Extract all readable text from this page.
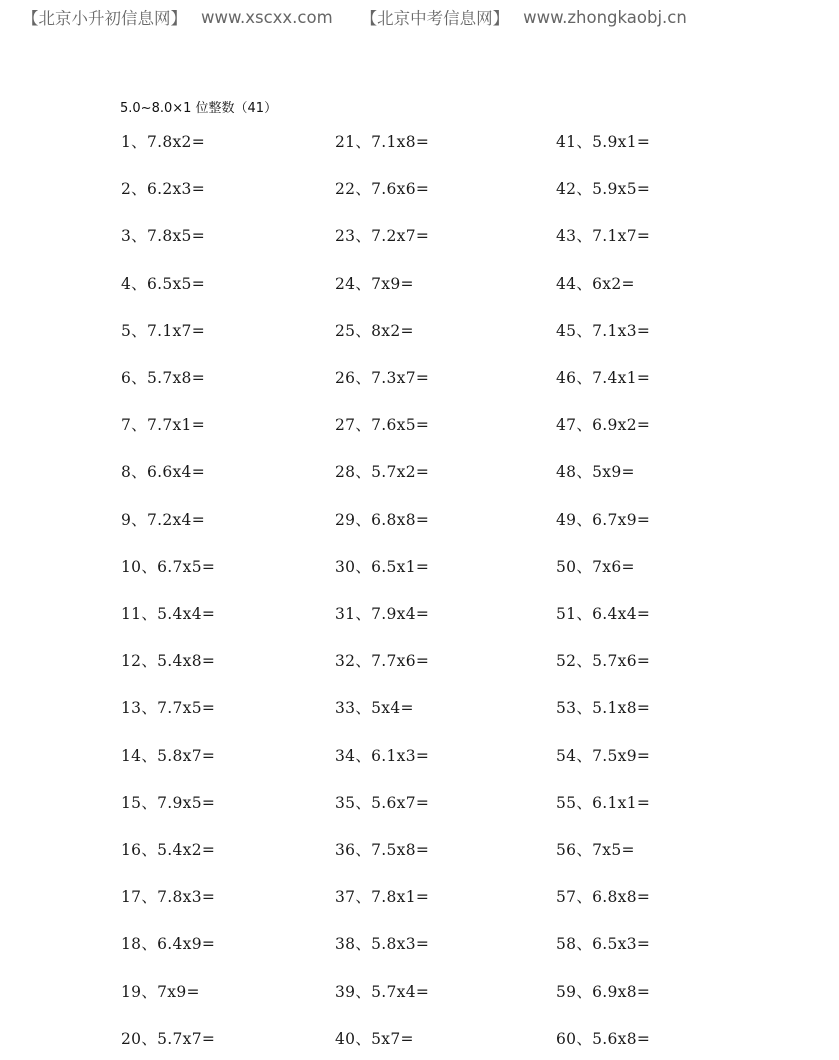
【北京小升初信息网】 www.xscxx.com 【北京中考信息网】 www.zhongkaobj.cn
5.0~8.0×1 位整数（41）
1、7.8x2=
2、6.2x3=
3、7.8x5=
4、6.5x5=
5、7.1x7=
6、5.7x8=
7、7.7x1=
8、6.6x4=
9、7.2x4=
10、6.7x5=
11、5.4x4=
12、5.4x8=
13、7.7x5=
14、5.8x7=
15、7.9x5=
16、5.4x2=
17、7.8x3=
18、6.4x9=
19、7x9=
20、5.7x7=
21、7.1x8=
22、7.6x6=
23、7.2x7=
24、7x9=
25、8x2=
26、7.3x7=
27、7.6x5=
28、5.7x2=
29、6.8x8=
30、6.5x1=
31、7.9x4=
32、7.7x6=
33、5x4=
34、6.1x3=
35、5.6x7=
36、7.5x8=
37、7.8x1=
38、5.8x3=
39、5.7x4=
40、5x7=
41、5.9x1=
42、5.9x5=
43、7.1x7=
44、6x2=
45、7.1x3=
46、7.4x1=
47、6.9x2=
48、5x9=
49、6.7x9=
50、7x6=
51、6.4x4=
52、5.7x6=
53、5.1x8=
54、7.5x9=
55、6.1x1=
56、7x5=
57、6.8x8=
58、6.5x3=
59、6.9x8=
60、5.6x8=
